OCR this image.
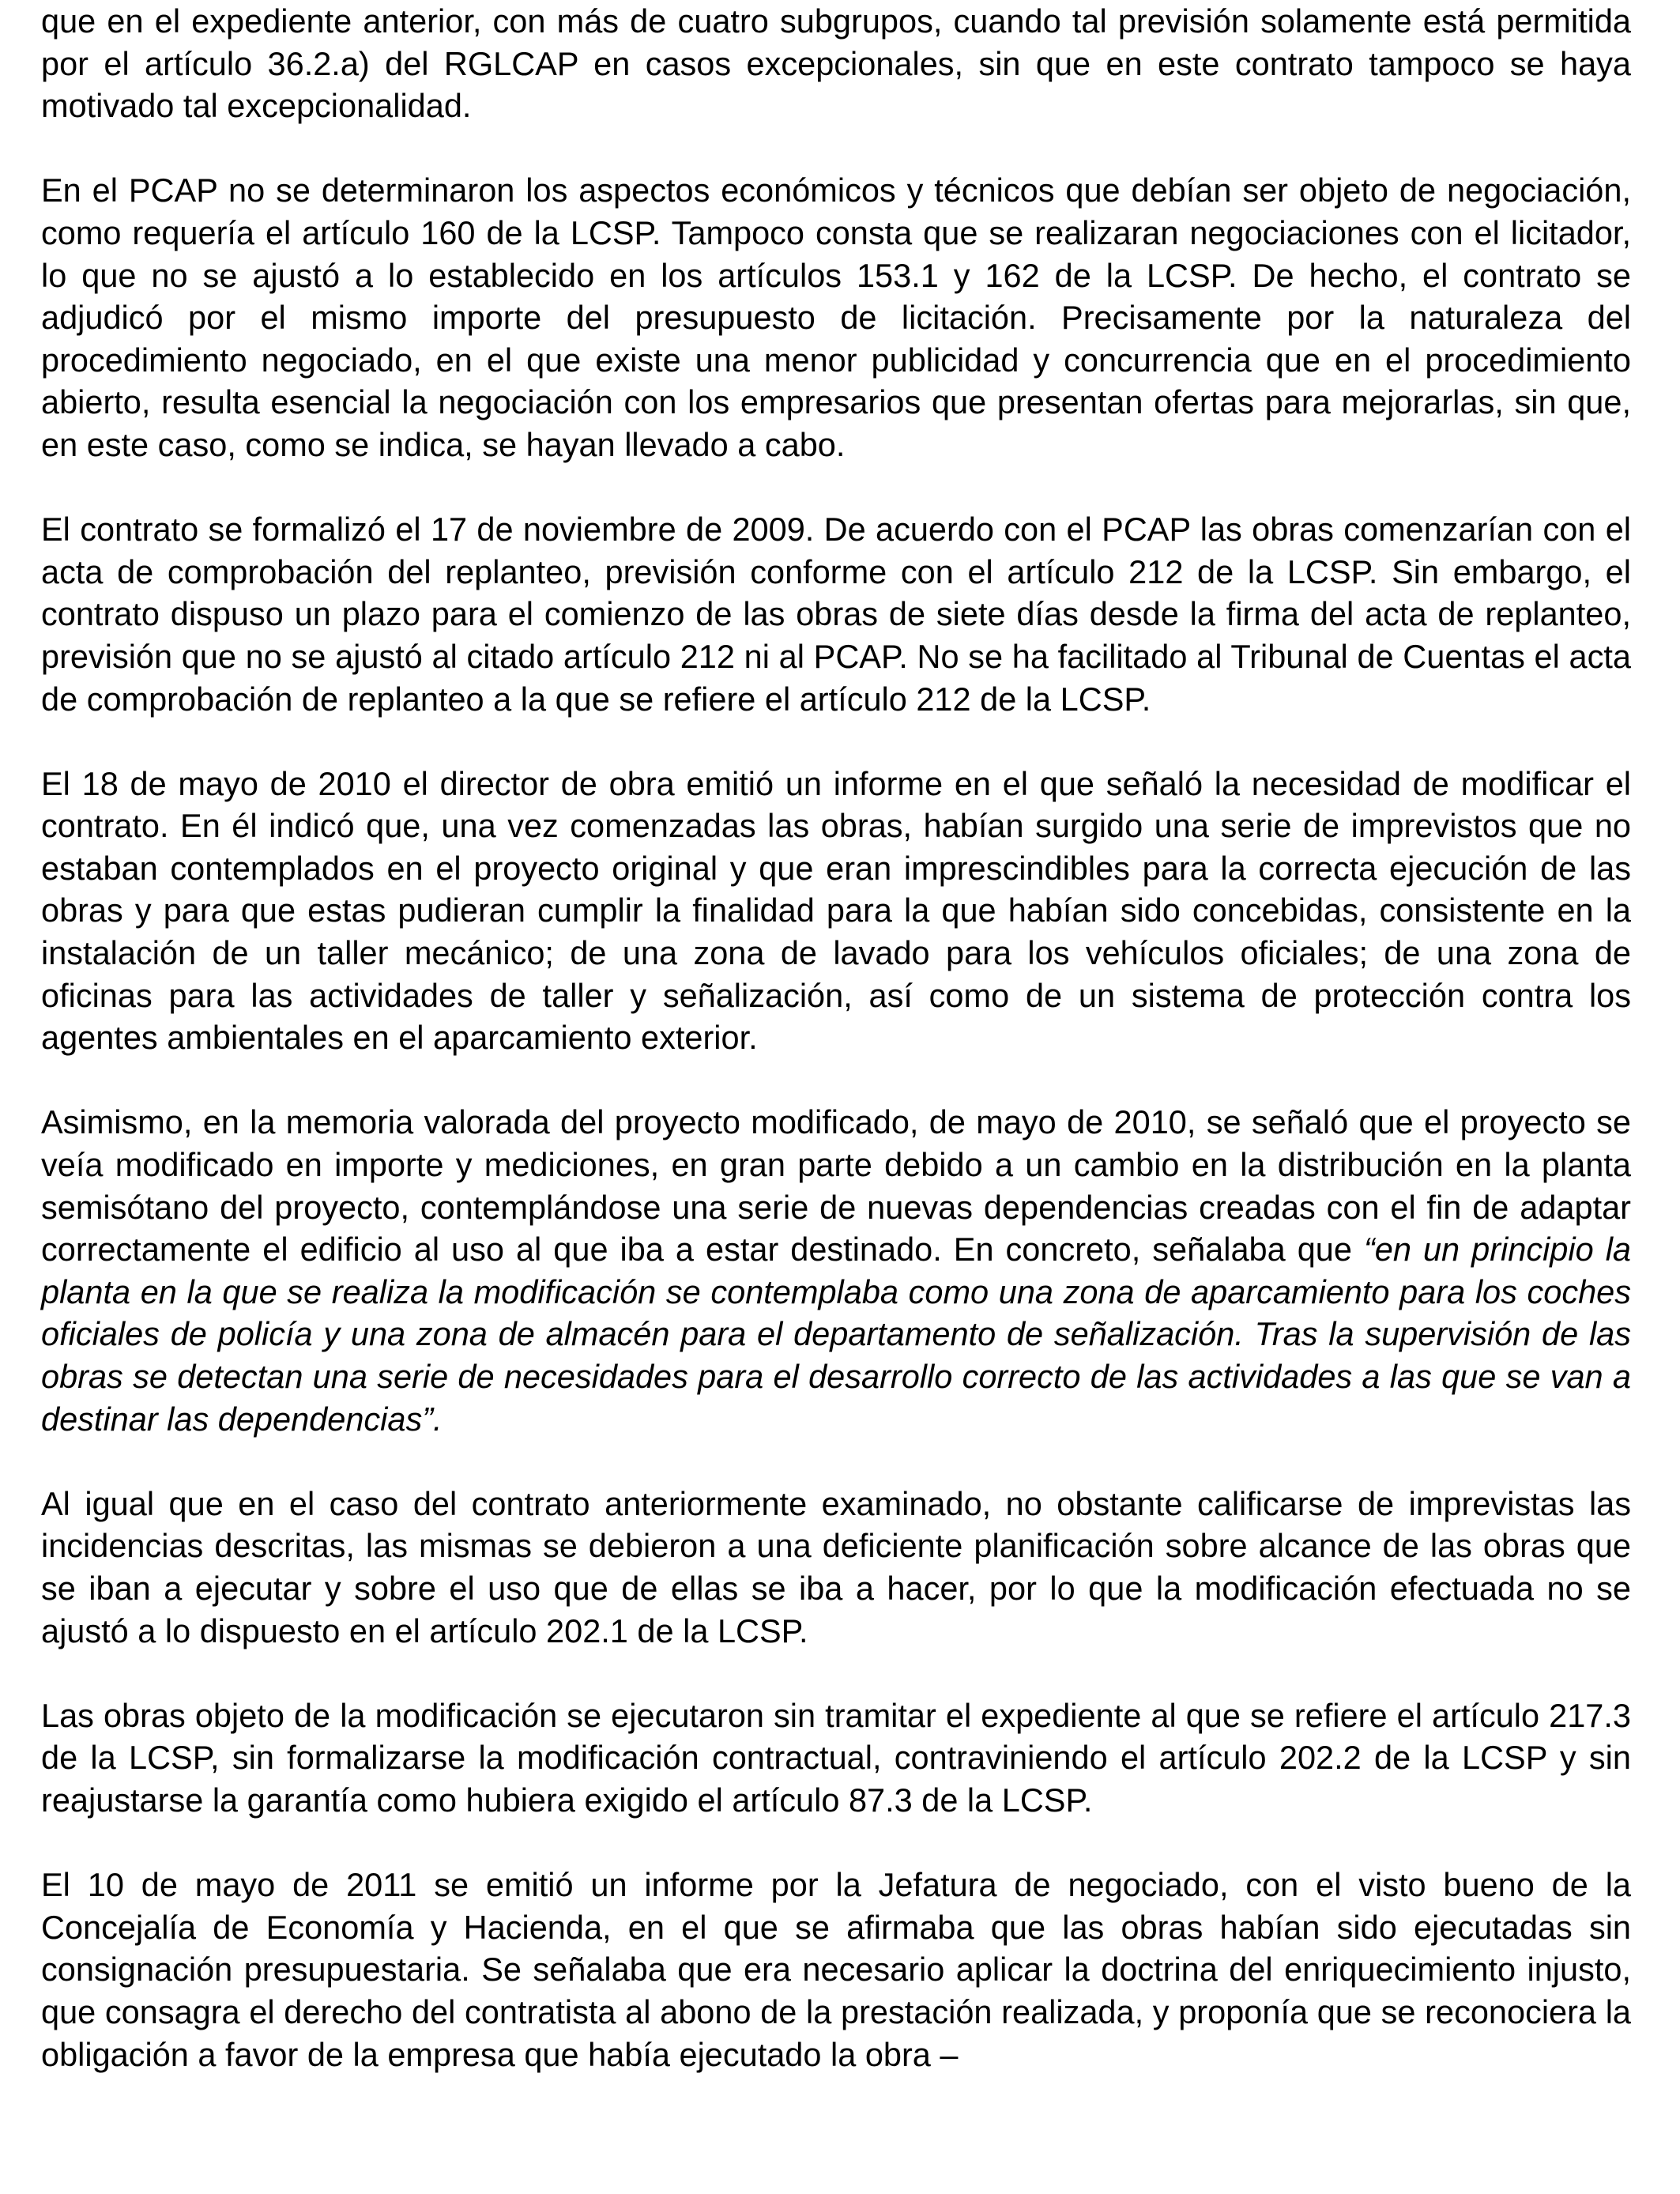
que en el expediente anterior, con más de cuatro subgrupos, cuando tal previsión solamente está permitida por el artículo 36.2.a) del RGLCAP en casos excepcionales, sin que en este contrato tampoco se haya motivado tal excepcionalidad.

En el PCAP no se determinaron los aspectos económicos y técnicos que debían ser objeto de negociación, como requería el artículo 160 de la LCSP. Tampoco consta que se realizaran negociaciones con el licitador, lo que no se ajustó a lo establecido en los artículos 153.1 y 162 de la LCSP. De hecho, el contrato se adjudicó por el mismo importe del presupuesto de licitación. Precisamente por la naturaleza del procedimiento negociado, en el que existe una menor publicidad y concurrencia que en el procedimiento abierto, resulta esencial la negociación con los empresarios que presentan ofertas para mejorarlas, sin que, en este caso, como se indica, se hayan llevado a cabo.

El contrato se formalizó el 17 de noviembre de 2009. De acuerdo con el PCAP las obras comenzarían con el acta de comprobación del replanteo, previsión conforme con el artículo 212 de la LCSP. Sin embargo, el contrato dispuso un plazo para el comienzo de las obras de siete días desde la firma del acta de replanteo, previsión que no se ajustó al citado artículo 212 ni al PCAP. No se ha facilitado al Tribunal de Cuentas el acta de comprobación de replanteo a la que se refiere el artículo 212 de la LCSP.

El 18 de mayo de 2010 el director de obra emitió un informe en el que señaló la necesidad de modificar el contrato. En él indicó que, una vez comenzadas las obras, habían surgido una serie de imprevistos que no estaban contemplados en el proyecto original y que eran imprescindibles para la correcta ejecución de las obras y para que estas pudieran cumplir la finalidad para la que habían sido concebidas, consistente en la instalación de un taller mecánico; de una zona de lavado para los vehículos oficiales; de una zona de oficinas para las actividades de taller y señalización, así como de un sistema de protección contra los agentes ambientales en el aparcamiento exterior.

Asimismo, en la memoria valorada del proyecto modificado, de mayo de 2010, se señaló que el proyecto se veía modificado en importe y mediciones, en gran parte debido a un cambio en la distribución en la planta semisótano del proyecto, contemplándose una serie de nuevas dependencias creadas con el fin de adaptar correctamente el edificio al uso al que iba a estar destinado. En concreto, señalaba que “en un principio la planta en la que se realiza la modificación se contemplaba como una zona de aparcamiento para los coches oficiales de policía y una zona de almacén para el departamento de señalización. Tras la supervisión de las obras se detectan una serie de necesidades para el desarrollo correcto de las actividades a las que se van a destinar las dependencias”.

Al igual que en el caso del contrato anteriormente examinado, no obstante calificarse de imprevistas las incidencias descritas, las mismas se debieron a una deficiente planificación sobre alcance de las obras que se iban a ejecutar y sobre el uso que de ellas se iba a hacer, por lo que la modificación efectuada no se ajustó a lo dispuesto en el artículo 202.1 de la LCSP.

Las obras objeto de la modificación se ejecutaron sin tramitar el expediente al que se refiere el artículo 217.3 de la LCSP, sin formalizarse la modificación contractual, contraviniendo el artículo 202.2 de la LCSP y sin reajustarse la garantía como hubiera exigido el artículo 87.3 de la LCSP.

El 10 de mayo de 2011 se emitió un informe por la Jefatura de negociado, con el visto bueno de la Concejalía de Economía y Hacienda, en el que se afirmaba que las obras habían sido ejecutadas sin consignación presupuestaria. Se señalaba que era necesario aplicar la doctrina del enriquecimiento injusto, que consagra el derecho del contratista al abono de la prestación realizada, y proponía que se reconociera la obligación a favor de la empresa que había ejecutado la obra –
